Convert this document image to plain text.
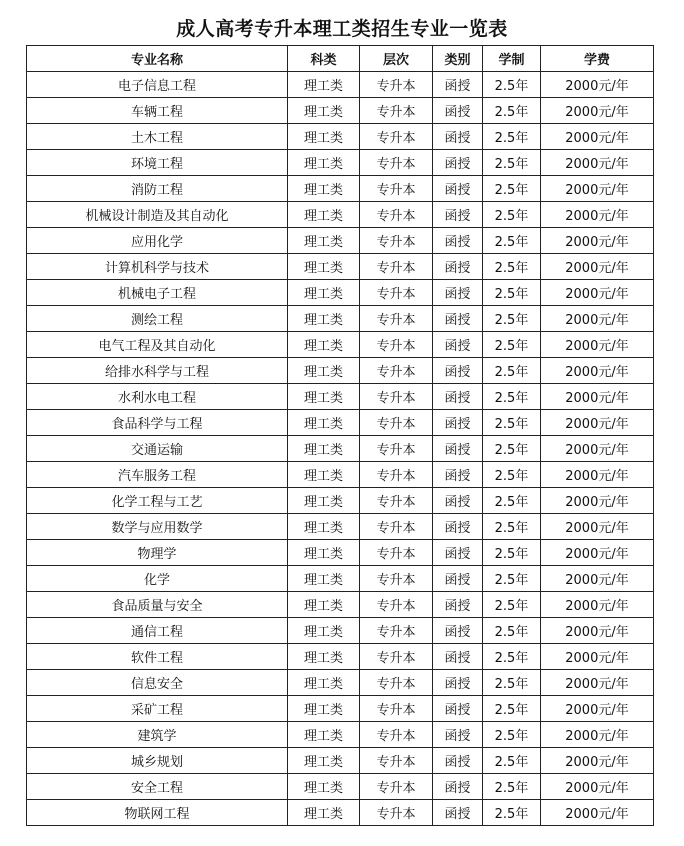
成人高考专升本理工类招生专业一览表
专业名称	科类	层次	类别	学制	学费
电子信息工程	理工类	专升本	函授	2.5年	2000元/年
车辆工程	理工类	专升本	函授	2.5年	2000元/年
土木工程	理工类	专升本	函授	2.5年	2000元/年
环境工程	理工类	专升本	函授	2.5年	2000元/年
消防工程	理工类	专升本	函授	2.5年	2000元/年
机械设计制造及其自动化	理工类	专升本	函授	2.5年	2000元/年
应用化学	理工类	专升本	函授	2.5年	2000元/年
计算机科学与技术	理工类	专升本	函授	2.5年	2000元/年
机械电子工程	理工类	专升本	函授	2.5年	2000元/年
测绘工程	理工类	专升本	函授	2.5年	2000元/年
电气工程及其自动化	理工类	专升本	函授	2.5年	2000元/年
给排水科学与工程	理工类	专升本	函授	2.5年	2000元/年
水利水电工程	理工类	专升本	函授	2.5年	2000元/年
食品科学与工程	理工类	专升本	函授	2.5年	2000元/年
交通运输	理工类	专升本	函授	2.5年	2000元/年
汽车服务工程	理工类	专升本	函授	2.5年	2000元/年
化学工程与工艺	理工类	专升本	函授	2.5年	2000元/年
数学与应用数学	理工类	专升本	函授	2.5年	2000元/年
物理学	理工类	专升本	函授	2.5年	2000元/年
化学	理工类	专升本	函授	2.5年	2000元/年
食品质量与安全	理工类	专升本	函授	2.5年	2000元/年
通信工程	理工类	专升本	函授	2.5年	2000元/年
软件工程	理工类	专升本	函授	2.5年	2000元/年
信息安全	理工类	专升本	函授	2.5年	2000元/年
采矿工程	理工类	专升本	函授	2.5年	2000元/年
建筑学	理工类	专升本	函授	2.5年	2000元/年
城乡规划	理工类	专升本	函授	2.5年	2000元/年
安全工程	理工类	专升本	函授	2.5年	2000元/年
物联网工程	理工类	专升本	函授	2.5年	2000元/年
